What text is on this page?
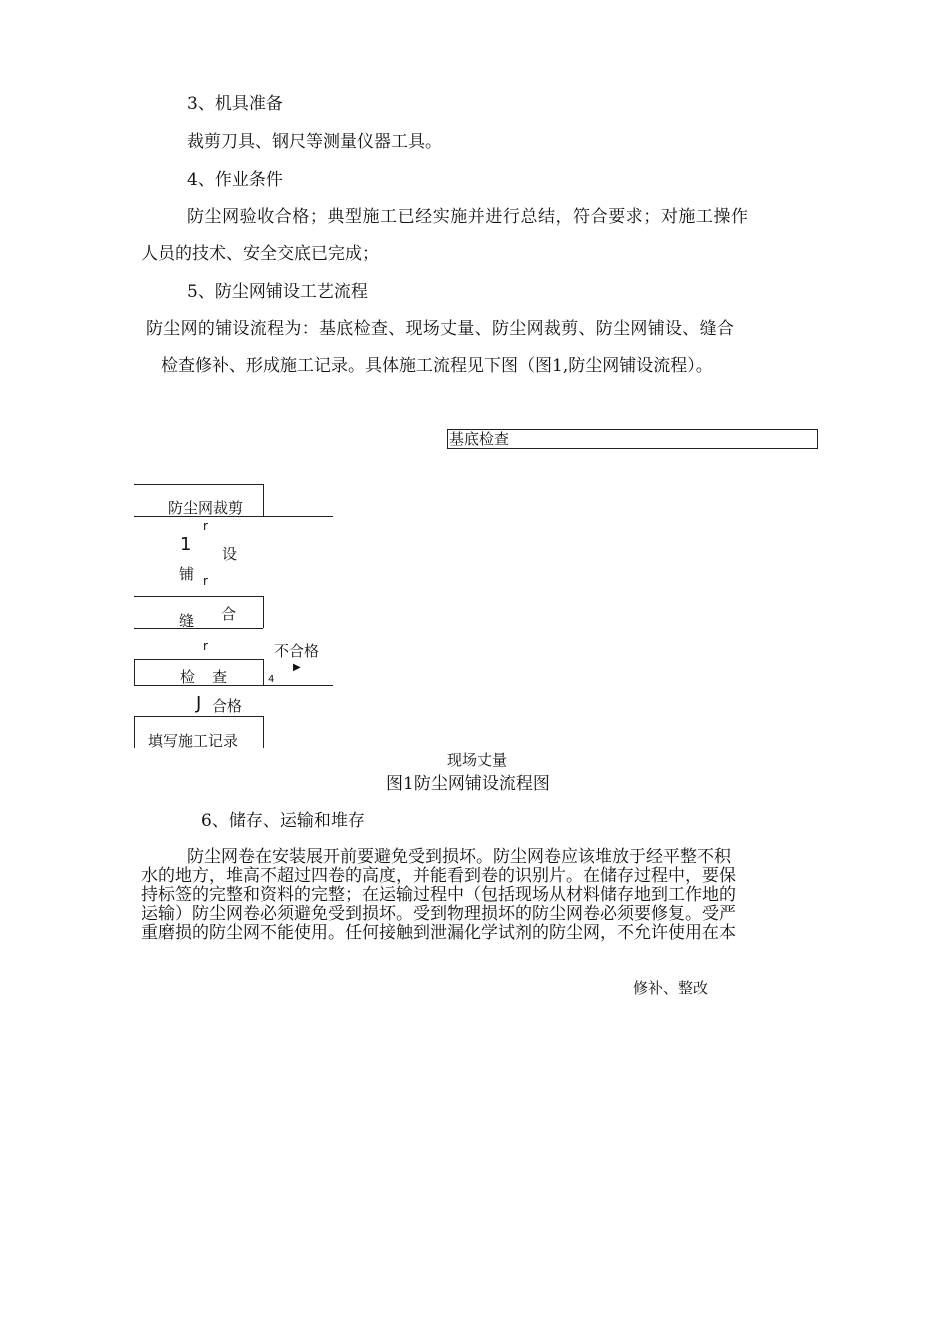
3、机具准备
裁剪刀具、钢尺等测量仪器工具。
4、作业条件
防尘网验收合格；典型施工已经实施并进行总结，符合要求；对施工操作
人员的技术、安全交底已完成；
5、防尘网铺设工艺流程
防尘网的铺设流程为：基底检查、现场丈量、防尘网裁剪、防尘网铺设、缝合
检查修补、形成施工记录。具体施工流程见下图（图1,防尘网铺设流程）。
基底检查
防尘网裁剪
r
1 设
铺 r
合
缝
r	不合格
▶
检 查	4
J 合格
填写施工记录
现场丈量
图1防尘网铺设流程图
6、储存、运输和堆存
防尘网卷在安装展开前要避免受到损坏。防尘网卷应该堆放于经平整不积
水的地方，堆高不超过四卷的高度，并能看到卷的识别片。在储存过程中，要保
持标签的完整和资料的完整；在运输过程中（包括现场从材料储存地到工作地的
运输）防尘网卷必须避免受到损坏。受到物理损坏的防尘网卷必须要修复。受严
重磨损的防尘网不能使用。任何接触到泄漏化学试剂的防尘网，不允许使用在本
修补、整改
